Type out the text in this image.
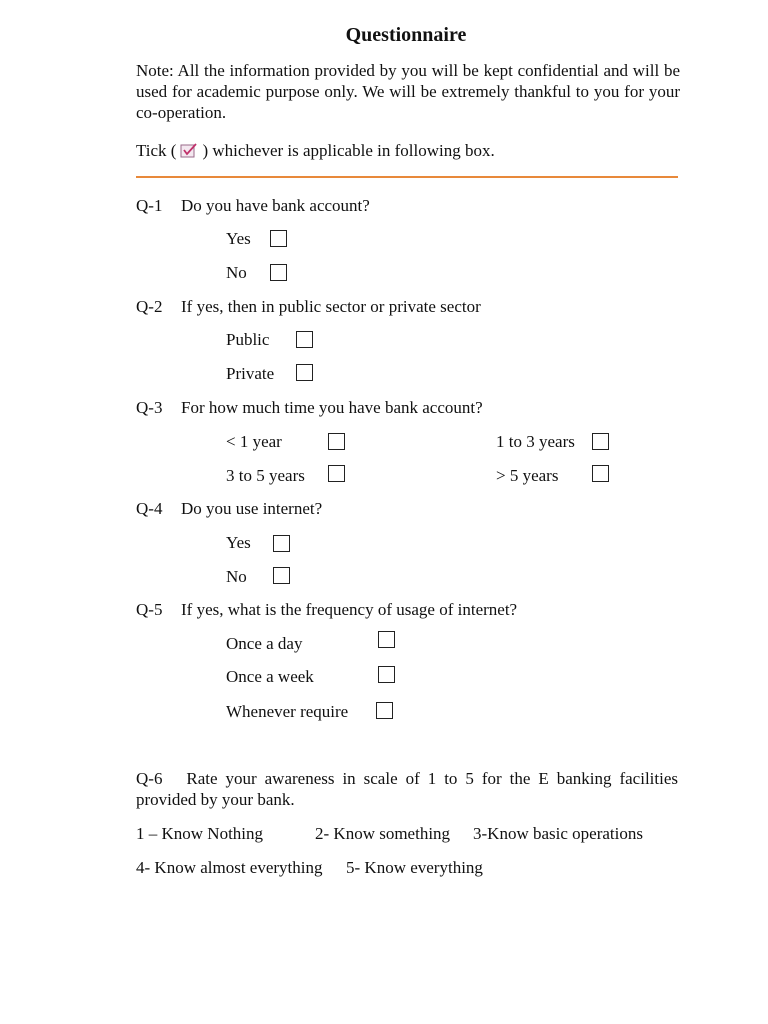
Questionnaire
Note: All the information provided by you will be kept confidential and will be used for academic purpose only. We will be extremely thankful to you for your co-operation.
Tick ( ) whichever is applicable in following box.
Q-1 Do you have bank account?
Yes
No
Q-2 If yes, then in public sector or private sector
Public
Private
Q-3 For how much time you have bank account?
< 1 year	1 to 3 years
3 to 5 years	> 5 years
Q-4 Do you use internet?
Yes
No
Q-5 If yes, what is the frequency of usage of internet?
Once a day
Once a week
Whenever require
Q-6 Rate your awareness in scale of 1 to 5 for the E banking facilities provided by your bank.
1 – Know Nothing	2- Know something 3-Know basic operations
4- Know almost everything 5- Know everything
